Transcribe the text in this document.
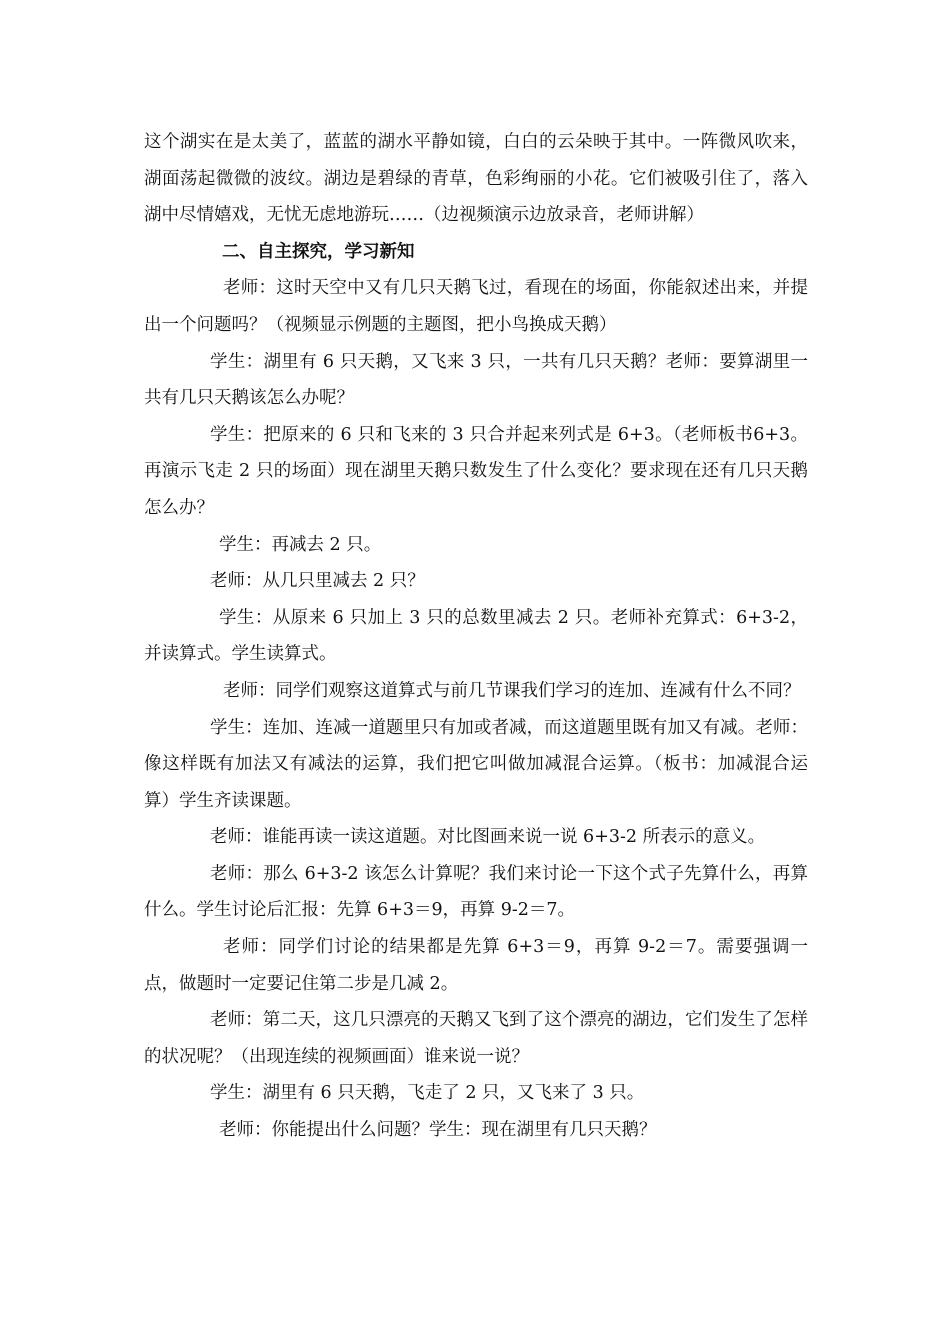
这个湖实在是太美了，蓝蓝的湖水平静如镜，白白的云朵映于其中。一阵微风吹来，湖面荡起微微的波纹。湖边是碧绿的青草，色彩绚丽的小花。它们被吸引住了，落入湖中尽情嬉戏，无忧无虑地游玩……（边视频演示边放录音，老师讲解）

二、自主探究，学习新知

老师：这时天空中又有几只天鹅飞过，看现在的场面，你能叙述出来，并提出一个问题吗？（视频显示例题的主题图，把小鸟换成天鹅）

学生：湖里有 6 只天鹅，又飞来 3 只，一共有几只天鹅？老师：要算湖里一共有几只天鹅该怎么办呢？

学生：把原来的 6 只和飞来的 3 只合并起来列式是 6+3。（老师板书6+3。再演示飞走 2 只的场面）现在湖里天鹅只数发生了什么变化？要求现在还有几只天鹅怎么办？

学生：再减去 2 只。

老师：从几只里减去 2 只？

学生：从原来 6 只加上 3 只的总数里减去 2 只。老师补充算式：6+3-2，并读算式。学生读算式。

老师：同学们观察这道算式与前几节课我们学习的连加、连减有什么不同？

学生：连加、连减一道题里只有加或者减，而这道题里既有加又有减。老师：像这样既有加法又有减法的运算，我们把它叫做加减混合运算。（板书：加减混合运算）学生齐读课题。

老师：谁能再读一读这道题。对比图画来说一说 6+3-2 所表示的意义。

老师：那么 6+3-2 该怎么计算呢？我们来讨论一下这个式子先算什么，再算什么。学生讨论后汇报：先算 6+3＝9，再算 9-2＝7。

老师：同学们讨论的结果都是先算 6+3＝9，再算 9-2＝7。需要强调一点，做题时一定要记住第二步是几减 2。

老师：第二天，这几只漂亮的天鹅又飞到了这个漂亮的湖边，它们发生了怎样的状况呢？（出现连续的视频画面）谁来说一说？

学生：湖里有 6 只天鹅，飞走了 2 只，又飞来了 3 只。

老师：你能提出什么问题？学生：现在湖里有几只天鹅？
